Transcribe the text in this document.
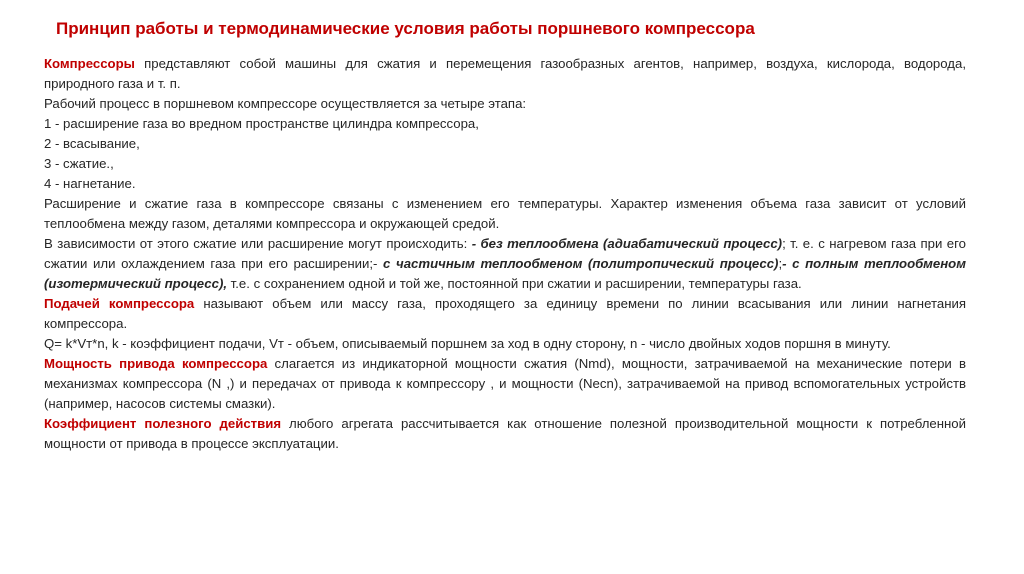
Принцип работы и термодинамические условия работы поршневого компрессора

Компрессоры представляют собой машины для сжатия и перемещения газообразных агентов, например, воздуха, кислорода, водорода, природного газа и т. п.

Рабочий процесс в поршневом компрессоре осуществляется за четыре этапа:

1 - расширение газа во вредном пространстве цилиндра компрессора,

2 - всасывание,

3 - сжатие.,

4 - нагнетание.

Расширение и сжатие газа в компрессоре связаны с изменением его температуры. Характер изменения объема газа зависит от условий теплообмена между газом, деталями компрессора и окружающей средой.

В зависимости от этого сжатие или расширение могут происходить: - без теплообмена (адиабатический процесс); т. е. с нагревом газа при его сжатии или охлаждением газа при его расширении;- с частичным теплообменом (политропический процесс);- с полным теплообменом (изотермический процесс), т.е. с сохранением одной и той же, постоянной при сжатии и расширении, температуры газа.

Подачей компрессора называют объем или массу газа, проходящего за единицу времени по линии всасывания или линии нагнетания компрессора.

Q= k*Vт*n, k - коэффициент подачи, Vт - объем, описываемый поршнем за ход в одну сторону, n - число двойных ходов поршня в минуту.

Мощность привода компрессора слагается из индикаторной мощности сжатия (Nmd), мощности, затрачиваемой на механические потери в механизмах компрессора (N ,) и передачах от привода к компрессору , и мощности (Necn), затрачиваемой на привод вспомогательных устройств (например, насосов системы смазки).

Коэффициент полезного действия любого агрегата рассчитывается как отношение полезной производительной мощности к потребленной мощности от привода в процессе эксплуатации.
